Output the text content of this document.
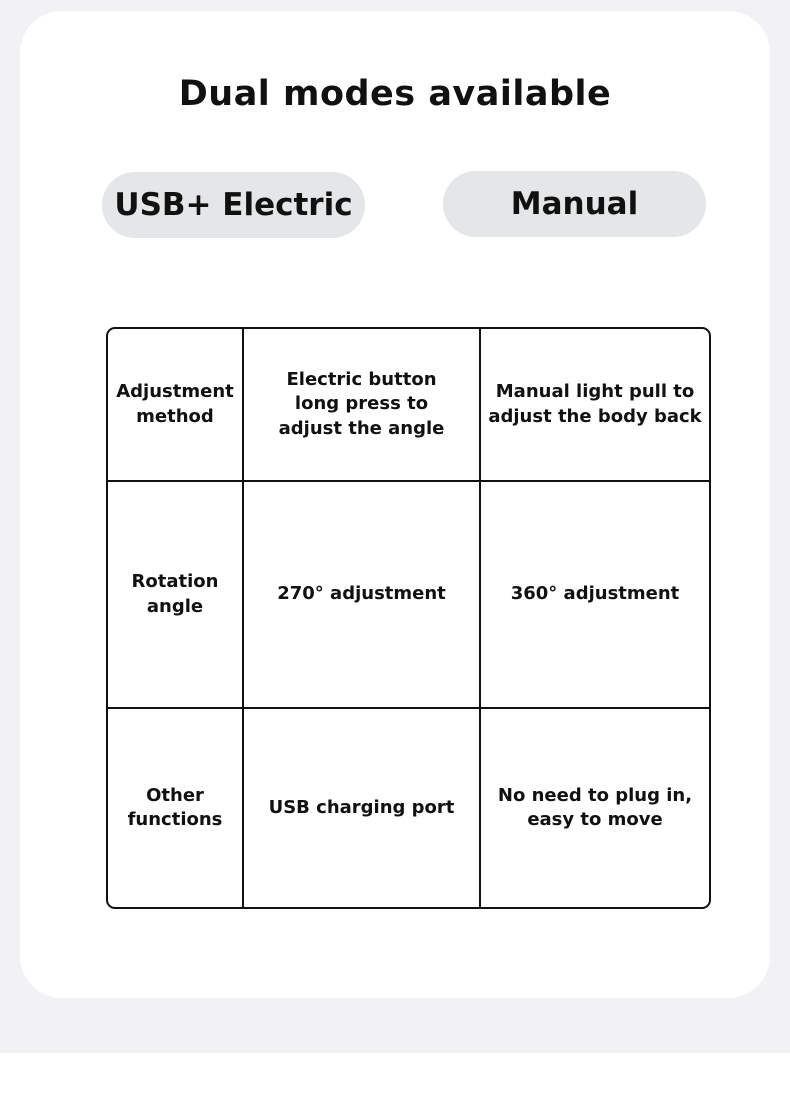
Dual modes available
USB+ Electric	Manual
Adjustment method
Electric button long press to adjust the angle
Manual light pull to adjust the body back
Rotation angle
270° adjustment	360° adjustment
Other functions
USB charging port
No need to plug in, easy to move
